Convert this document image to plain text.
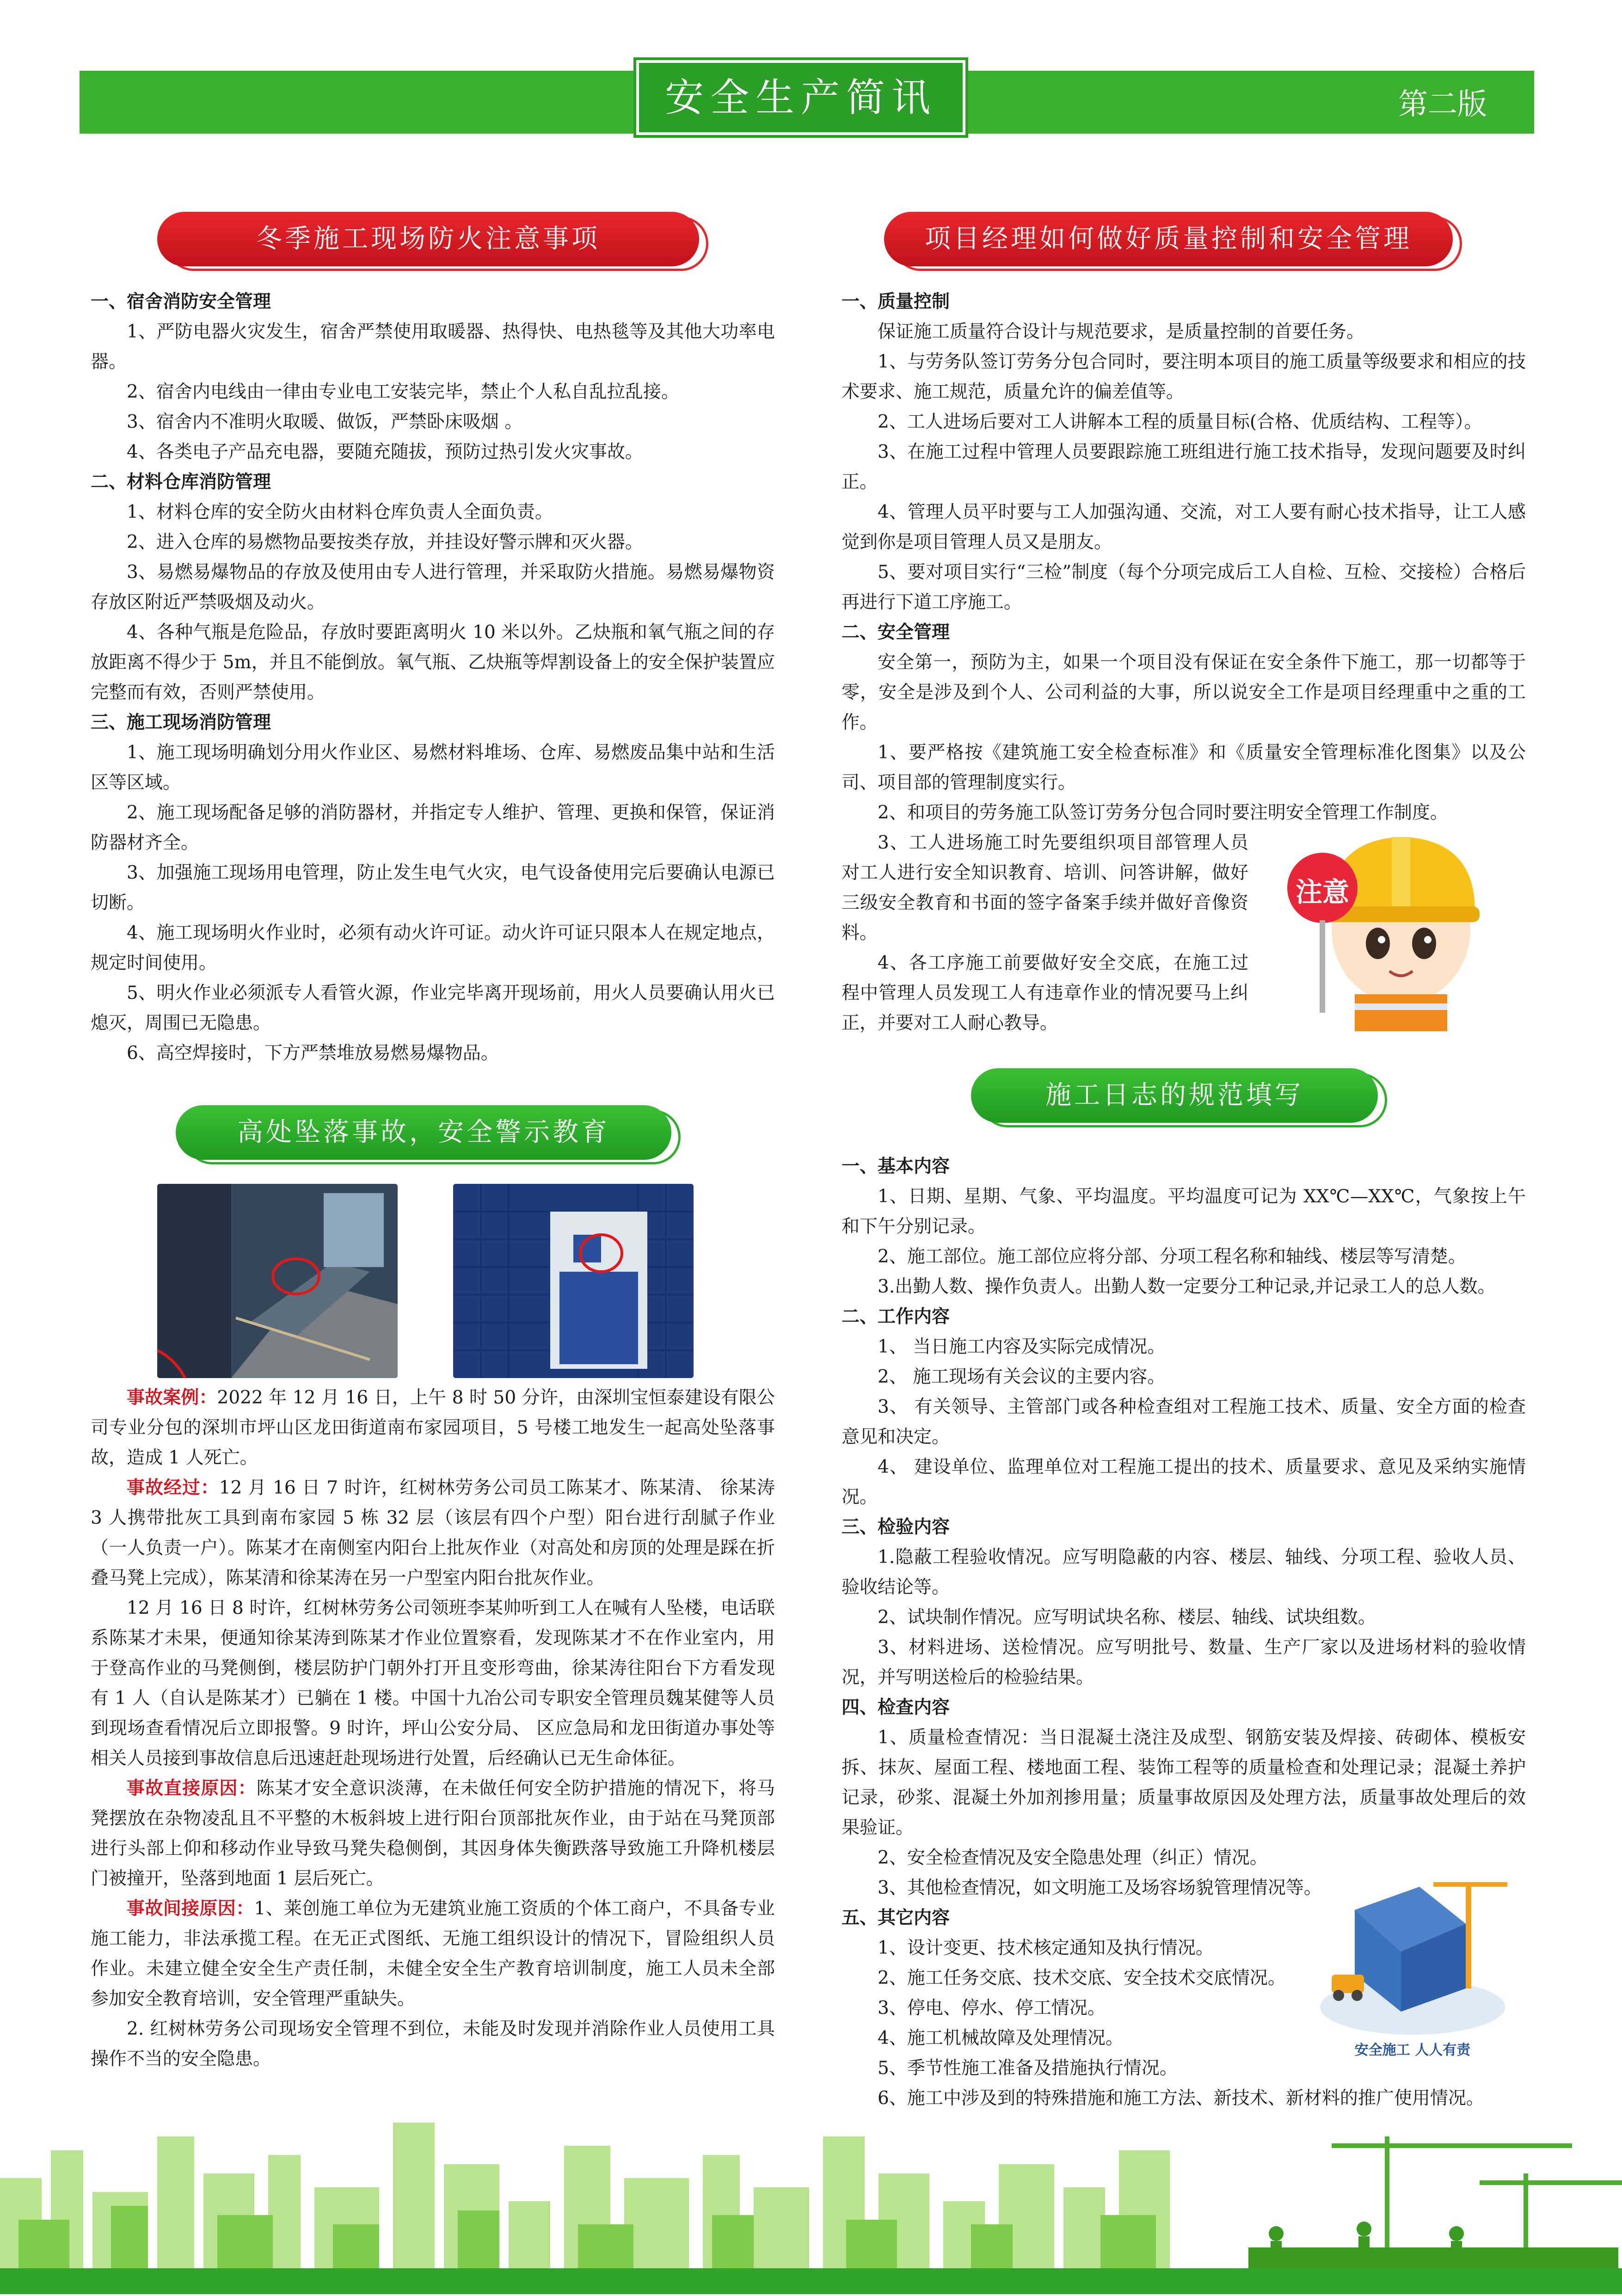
安全生产简讯	第二版
冬季施工现场防火注意事项

一、宿舍消防安全管理

1、严防电器火灾发生，宿舍严禁使用取暖器、热得快、电热毯等及其他大功率电器。

2、宿舍内电线由一律由专业电工安装完毕，禁止个人私自乱拉乱接。

3、宿舍内不准明火取暖、做饭，严禁卧床吸烟 。

4、各类电子产品充电器，要随充随拔，预防过热引发火灾事故。

二、材料仓库消防管理

1、材料仓库的安全防火由材料仓库负责人全面负责。

2、进入仓库的易燃物品要按类存放，并挂设好警示牌和灭火器。

3、易燃易爆物品的存放及使用由专人进行管理，并采取防火措施。易燃易爆物资存放区附近严禁吸烟及动火。

4、各种气瓶是危险品，存放时要距离明火 10 米以外。乙炔瓶和氧气瓶之间的存放距离不得少于 5m，并且不能倒放。氧气瓶、乙炔瓶等焊割设备上的安全保护装置应完整而有效，否则严禁使用。

三、施工现场消防管理

1、施工现场明确划分用火作业区、易燃材料堆场、仓库、易燃废品集中站和生活区等区域。

2、施工现场配备足够的消防器材，并指定专人维护、管理、更换和保管，保证消防器材齐全。

3、加强施工现场用电管理，防止发生电气火灾，电气设备使用完后要确认电源已切断。

4、施工现场明火作业时，必须有动火许可证。动火许可证只限本人在规定地点，规定时间使用。

5、明火作业必须派专人看管火源，作业完毕离开现场前，用火人员要确认用火已熄灭，周围已无隐患。

6、高空焊接时，下方严禁堆放易燃易爆物品。

高处坠落事故，安全警示教育

事故案例：2022 年 12 月 16 日，上午 8 时 50 分许，由深圳宝恒泰建设有限公司专业分包的深圳市坪山区龙田街道南布家园项目，5 号楼工地发生一起高处坠落事故，造成 1 人死亡。

事故经过：12 月 16 日 7 时许，红树林劳务公司员工陈某才、陈某清、 徐某涛 3 人携带批灰工具到南布家园 5 栋 32 层（该层有四个户型）阳台进行刮腻子作业（一人负责一户）。陈某才在南侧室内阳台上批灰作业（对高处和房顶的处理是踩在折叠马凳上完成），陈某清和徐某涛在另一户型室内阳台批灰作业。

12 月 16 日 8 时许，红树林劳务公司领班李某帅听到工人在喊有人坠楼，电话联系陈某才未果，便通知徐某涛到陈某才作业位置察看，发现陈某才不在作业室内，用于登高作业的马凳侧倒，楼层防护门朝外打开且变形弯曲，徐某涛往阳台下方看发现有 1 人（自认是陈某才）已躺在 1 楼。中国十九冶公司专职安全管理员魏某健等人员到现场查看情况后立即报警。9 时许，坪山公安分局、 区应急局和龙田街道办事处等相关人员接到事故信息后迅速赶赴现场进行处置，后经确认已无生命体征。

事故直接原因：陈某才安全意识淡薄，在未做任何安全防护措施的情况下，将马凳摆放在杂物凌乱且不平整的木板斜坡上进行阳台顶部批灰作业，由于站在马凳顶部进行头部上仰和移动作业导致马凳失稳侧倒，其因身体失衡跌落导致施工升降机楼层门被撞开，坠落到地面 1 层后死亡。

事故间接原因：1、莱创施工单位为无建筑业施工资质的个体工商户，不具备专业施工能力，非法承揽工程。在无正式图纸、无施工组织设计的情况下，冒险组织人员作业。未建立健全安全生产责任制，未健全安全生产教育培训制度，施工人员未全部参加安全教育培训，安全管理严重缺失。

2. 红树林劳务公司现场安全管理不到位，未能及时发现并消除作业人员使用工具操作不当的安全隐患。

项目经理如何做好质量控制和安全管理

一、质量控制

保证施工质量符合设计与规范要求，是质量控制的首要任务。

1、与劳务队签订劳务分包合同时，要注明本项目的施工质量等级要求和相应的技术要求、施工规范，质量允许的偏差值等。

2、工人进场后要对工人讲解本工程的质量目标(合格、优质结构、工程等）。

3、在施工过程中管理人员要跟踪施工班组进行施工技术指导，发现问题要及时纠正。

4、管理人员平时要与工人加强沟通、交流，对工人要有耐心技术指导，让工人感觉到你是项目管理人员又是朋友。

5、要对项目实行“三检”制度（每个分项完成后工人自检、互检、交接检）合格后再进行下道工序施工。

二、安全管理

安全第一，预防为主，如果一个项目没有保证在安全条件下施工，那一切都等于零，安全是涉及到个人、公司利益的大事，所以说安全工作是项目经理重中之重的工作。

1、要严格按《建筑施工安全检查标准》和《质量安全管理标准化图集》以及公司、项目部的管理制度实行。

2、和项目的劳务施工队签订劳务分包合同时要注明安全管理工作制度。

3、工人进场施工时先要组织项目部管理人员对工人进行安全知识教育、培训、问答讲解，做好三级安全教育和书面的签字备案手续并做好音像资料。

4、各工序施工前要做好安全交底，在施工过程中管理人员发现工人有违章作业的情况要马上纠正，并要对工人耐心教导。

注意
施工日志的规范填写

一、基本内容

1、日期、星期、气象、平均温度。平均温度可记为 XX℃—XX℃，气象按上午和下午分别记录。

2、施工部位。施工部位应将分部、分项工程名称和轴线、楼层等写清楚。

3.出勤人数、操作负责人。出勤人数一定要分工种记录,并记录工人的总人数。

二、工作内容

1、 当日施工内容及实际完成情况。

2、 施工现场有关会议的主要内容。

3、 有关领导、主管部门或各种检查组对工程施工技术、质量、安全方面的检查意见和决定。

4、 建设单位、监理单位对工程施工提出的技术、质量要求、意见及采纳实施情况。

三、检验内容

1.隐蔽工程验收情况。应写明隐蔽的内容、楼层、轴线、分项工程、验收人员、验收结论等。

2、试块制作情况。应写明试块名称、楼层、轴线、试块组数。

3、材料进场、送检情况。应写明批号、数量、生产厂家以及进场材料的验收情况，并写明送检后的检验结果。

四、检查内容

1、质量检查情况：当日混凝土浇注及成型、钢筋安装及焊接、砖砌体、模板安拆、抹灰、屋面工程、楼地面工程、装饰工程等的质量检查和处理记录；混凝土养护记录，砂浆、混凝土外加剂掺用量；质量事故原因及处理方法，质量事故处理后的效果验证。

2、安全检查情况及安全隐患处理（纠正）情况。

3、其他检查情况，如文明施工及场容场貌管理情况等。

五、其它内容

1、设计变更、技术核定通知及执行情况。

2、施工任务交底、技术交底、安全技术交底情况。

3、停电、停水、停工情况。

4、施工机械故障及处理情况。

5、季节性施工准备及措施执行情况。

6、施工中涉及到的特殊措施和施工方法、新技术、新材料的推广使用情况。

安全施工 人人有责
